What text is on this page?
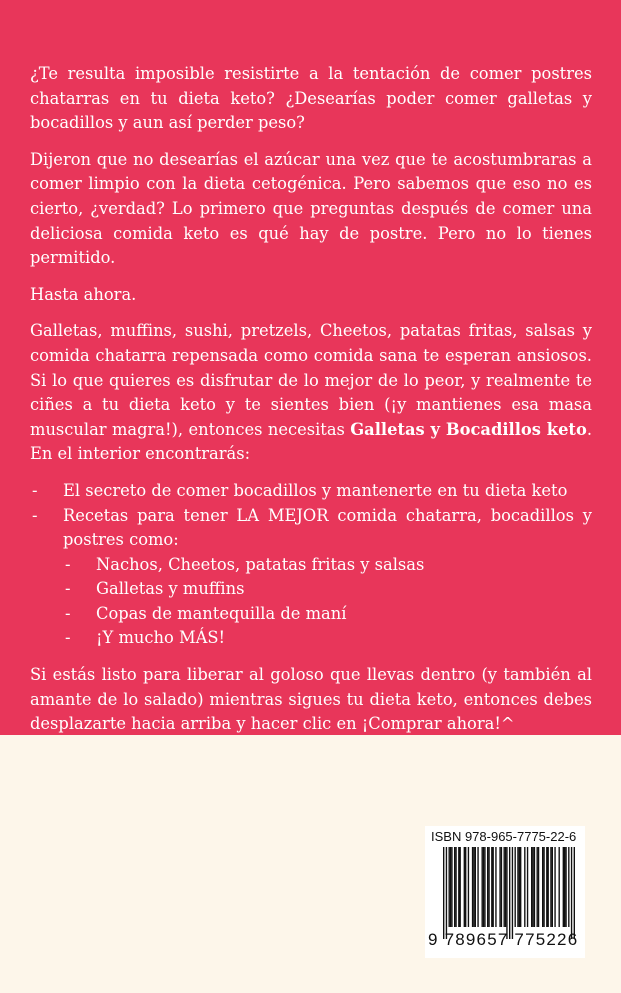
¿Te resulta imposible resistirte a la tentación de comer postres chatarras en tu dieta keto? ¿Desearías poder comer galletas y bocadillos y aun así perder peso?

Dijeron que no desearías el azúcar una vez que te acostumbraras a comer limpio con la dieta cetogénica. Pero sabemos que eso no es cierto, ¿verdad? Lo primero que preguntas después de comer una deliciosa comida keto es qué hay de postre. Pero no lo tienes permitido.

Hasta ahora.

Galletas, muffins, sushi, pretzels, Cheetos, patatas fritas, salsas y comida chatarra repensada como comida sana te esperan ansiosos. Si lo que quieres es disfrutar de lo mejor de lo peor, y realmente te ciñes a tu dieta keto y te sientes bien (¡y mantienes esa masa muscular magra!), entonces necesitas Galletas y Bocadillos keto. En el interior encontrarás:

- El secreto de comer bocadillos y mantenerte en tu dieta keto
- Recetas para tener LA MEJOR comida chatarra, bocadillos y postres como:
- Nachos, Cheetos, patatas fritas y salsas
- Galletas y muffins
- Copas de mantequilla de maní
- ¡Y mucho MÁS!

Si estás listo para liberar al goloso que llevas dentro (y también al amante de lo salado) mientras sigues tu dieta keto, entonces debes desplazarte hacia arriba y hacer clic en ¡Comprar ahora!^

ISBN 978-965-7775-22-6
9 789657 775226
